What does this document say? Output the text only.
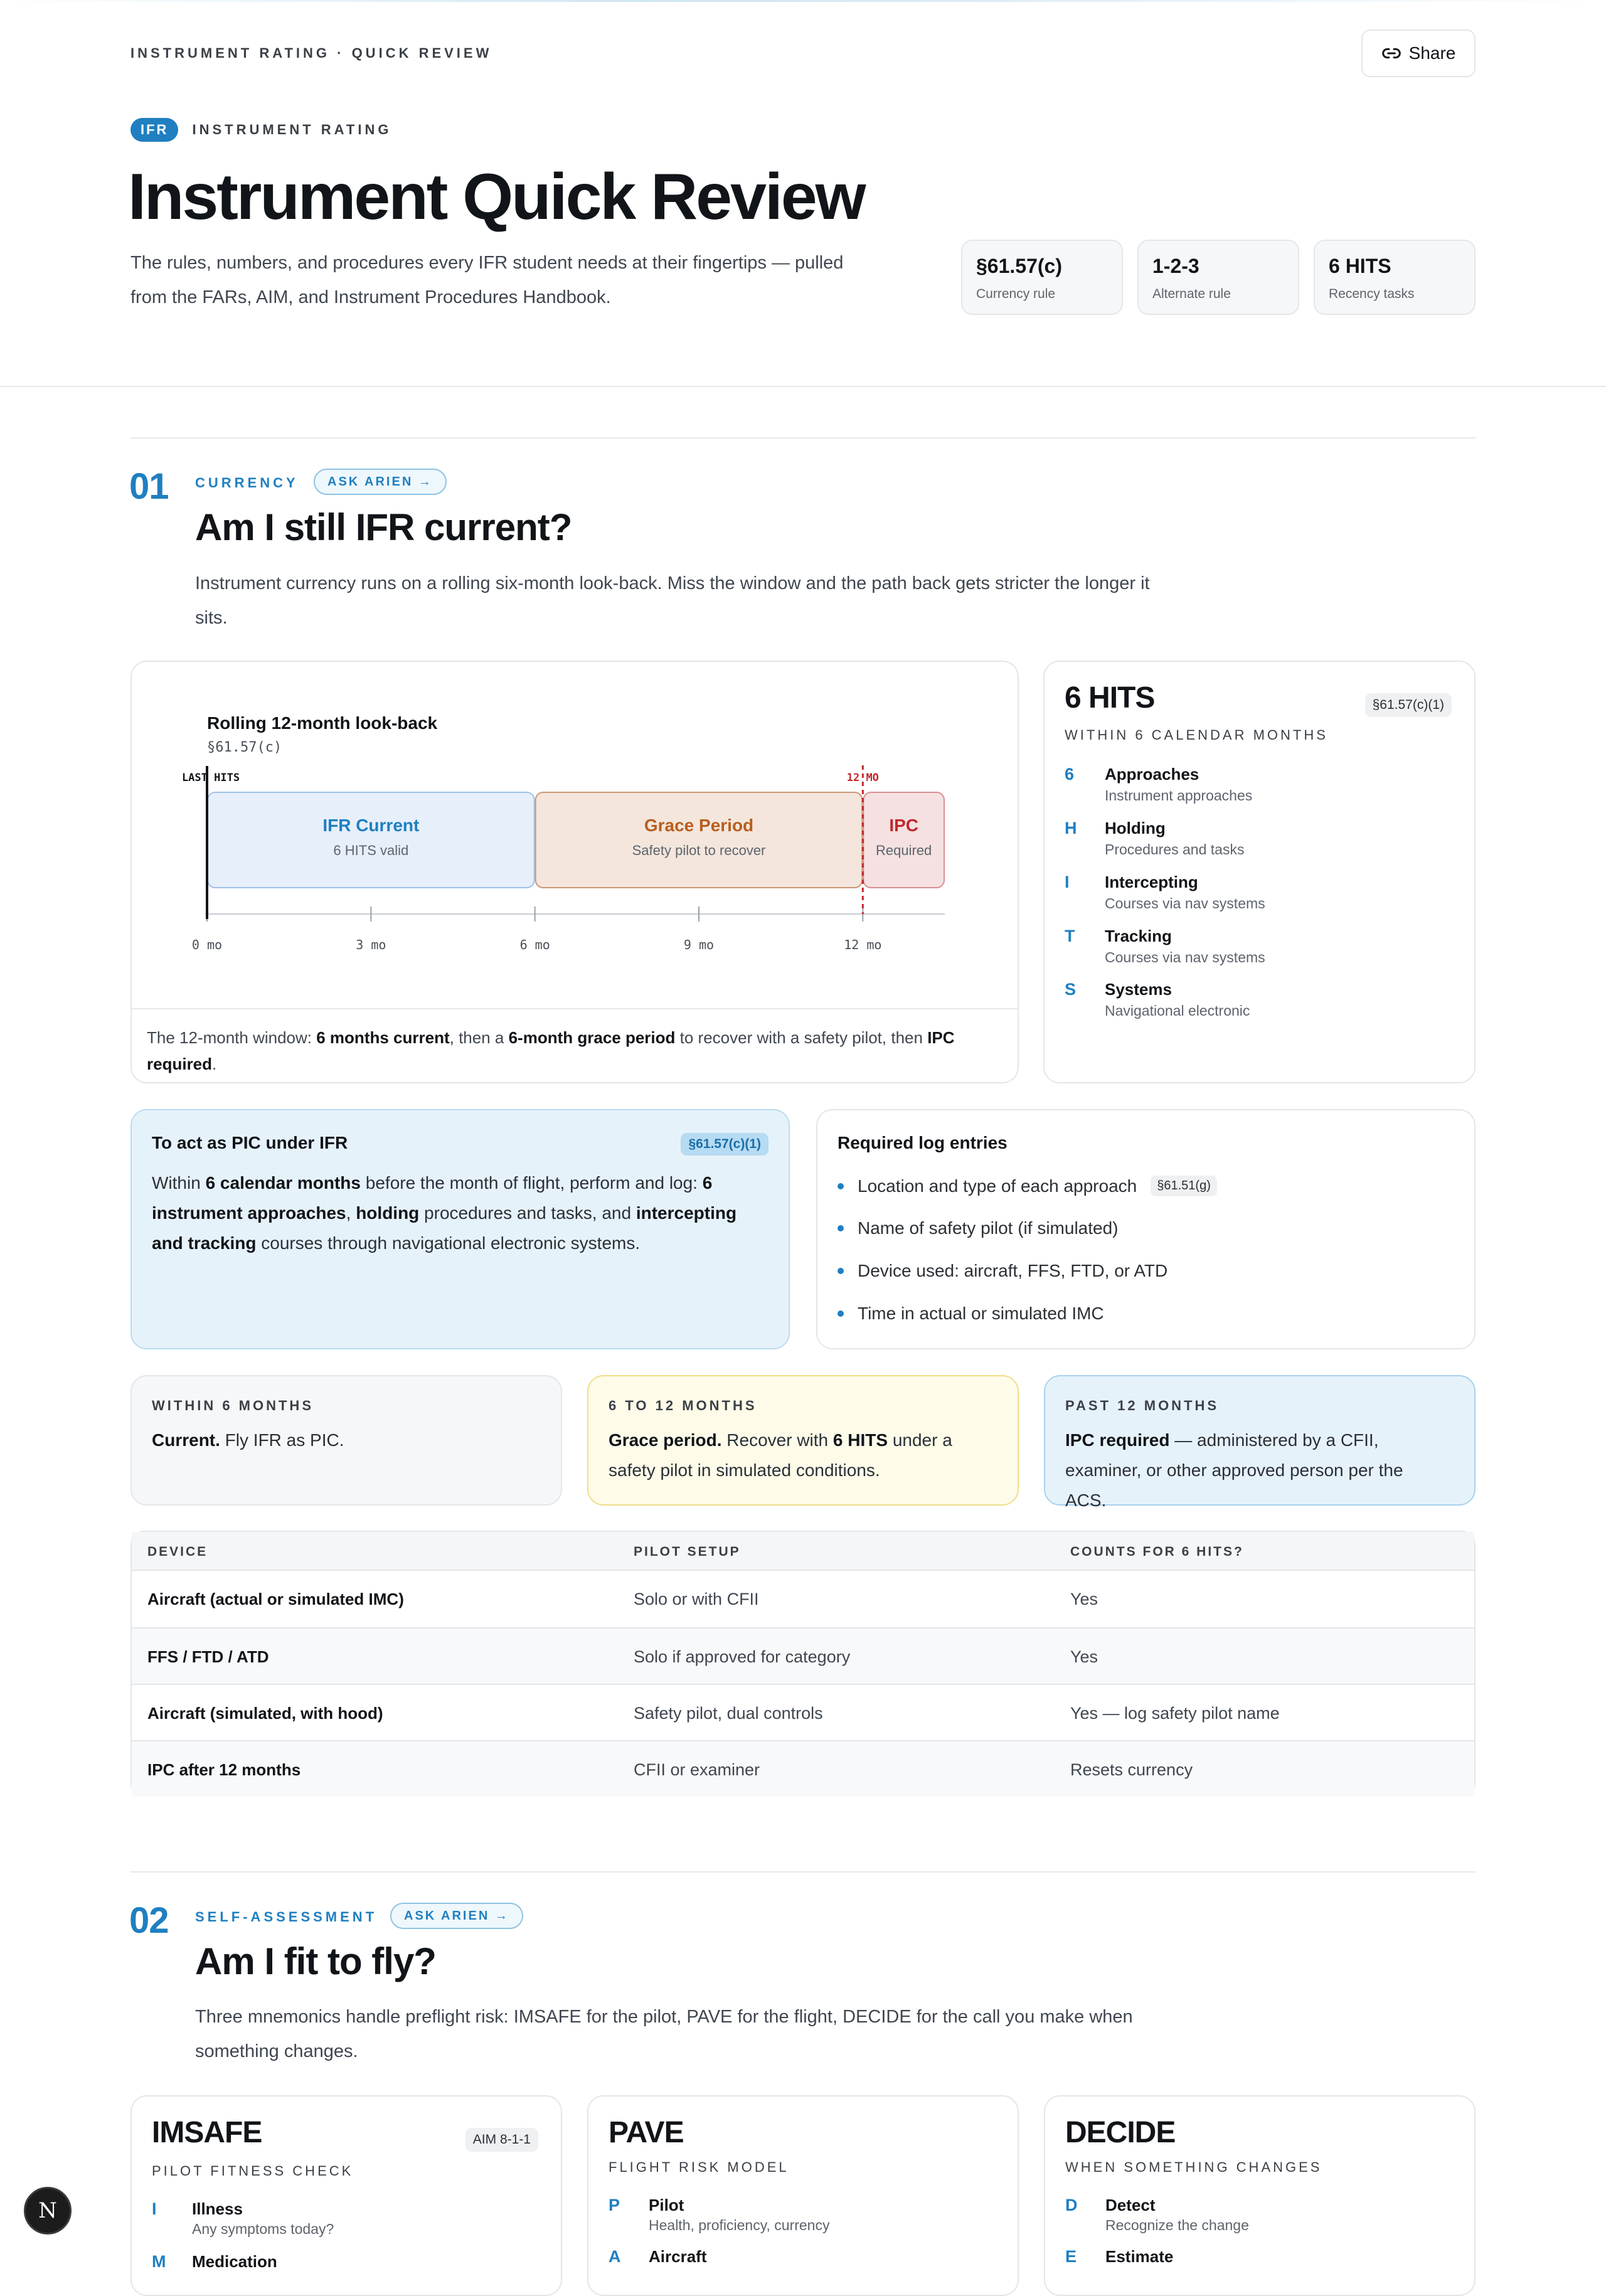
INSTRUMENT RATING · QUICK REVIEW	Share
IFR	INSTRUMENT RATING
Instrument Quick Review

The rules, numbers, and procedures every IFR student needs at their fingertips — pulled from the FARs, AIM, and Instrument Procedures Handbook.

§61.57(c)
Currency rule
1-2-3
Alternate rule
6 HITS
Recency tasks
01 CURRENCY	ASK ARIEN →
Am I still IFR current?

Instrument currency runs on a rolling six-month look-back. Miss the window and the path back gets stricter the longer it sits.

Rolling 12-month look-back
§61.57(c)
IFR Current
6 HITS valid
Grace Period
Safety pilot to recover
IPC
Required
0 mo	3 mo	6 mo	9 mo	12 mo
LAST HITS	12 MO
The 12-month window: 6 months current, then a 6-month grace period to recover with a safety pilot, then IPC required.
6 HITS	§61.57(c)(1)
WITHIN 6 CALENDAR MONTHS
6 Approaches
Instrument approaches
H Holding
Procedures and tasks
I Intercepting
Courses via nav systems
T Tracking
Courses via nav systems
S Systems
Navigational electronic
To act as PIC under IFR	§61.57(c)(1)
Within 6 calendar months before the month of flight, perform and log: 6 instrument approaches, holding procedures and tasks, and intercepting and tracking courses through navigational electronic systems.
Required log entries
Location and type of each approach	§61.51(g)
Name of safety pilot (if simulated)
Device used: aircraft, FFS, FTD, or ATD
Time in actual or simulated IMC
WITHIN 6 MONTHS
Current. Fly IFR as PIC.
6 TO 12 MONTHS
Grace period. Recover with 6 HITS under a safety pilot in simulated conditions.
PAST 12 MONTHS
IPC required — administered by a CFII, examiner, or other approved person per the ACS.
DEVICE	PILOT SETUP	COUNTS FOR 6 HITS?
Aircraft (actual or simulated IMC)	Solo or with CFII	Yes
FFS / FTD / ATD	Solo if approved for category	Yes
Aircraft (simulated, with hood)	Safety pilot, dual controls	Yes — log safety pilot name
IPC after 12 months	CFII or examiner	Resets currency
02 SELF-ASSESSMENT	ASK ARIEN →
Am I fit to fly?

Three mnemonics handle preflight risk: IMSAFE for the pilot, PAVE for the flight, DECIDE for the call you make when something changes.

IMSAFE	AIM 8-1-1
PILOT FITNESS CHECK
I Illness
Any symptoms today?
M Medication
PAVE
FLIGHT RISK MODEL
P Pilot
Health, proficiency, currency
A Aircraft
DECIDE
WHEN SOMETHING CHANGES
D Detect
Recognize the change
E Estimate
N
